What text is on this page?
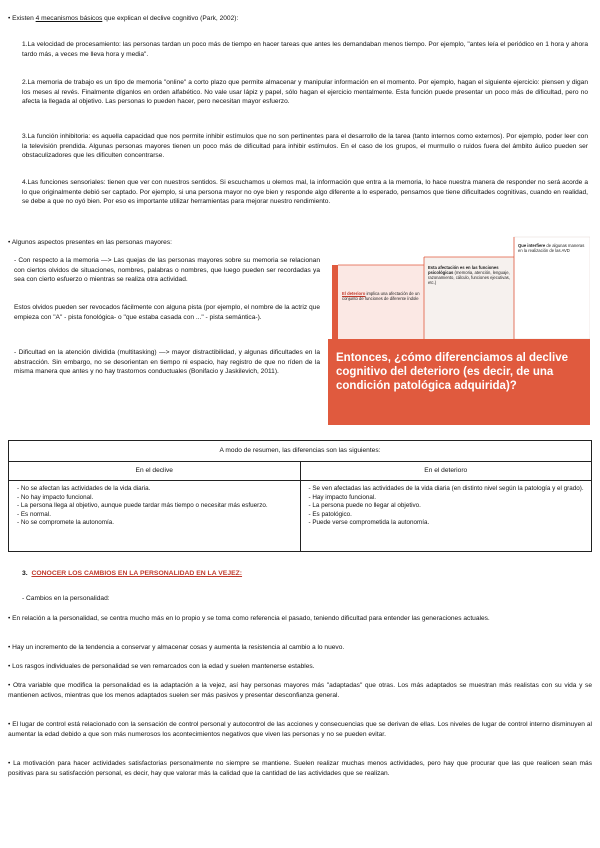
• Existen 4 mecanismos básicos que explican el declive cognitivo (Park, 2002):
1.La velocidad de procesamiento: las personas tardan un poco más de tiempo en hacer tareas que antes les demandaban menos tiempo. Por ejemplo, "antes leía el periódico en 1 hora y ahora tardo más, a veces me lleva hora y media".
2.La memoria de trabajo es un tipo de memoria "online" a corto plazo que permite almacenar y manipular información en el momento. Por ejemplo, hagan el siguiente ejercicio: piensen y digan los meses al revés. Finalmente díganlos en orden alfabético. No vale usar lápiz y papel, sólo hagan el ejercicio mentalmente. Esta función puede presentar un poco más de dificultad, pero no afecta la llegada al objetivo. Las personas lo pueden hacer, pero necesitan mayor esfuerzo.
3.La función inhibitoria: es aquella capacidad que nos permite inhibir estímulos que no son pertinentes para el desarrollo de la tarea (tanto internos como externos). Por ejemplo, poder leer con la televisión prendida. Algunas personas mayores tienen un poco más de dificultad para inhibir estímulos. En el caso de los grupos, el murmullo o ruidos fuera del ámbito áulico pueden ser obstaculizadores que les dificulten concentrarse.
4.Las funciones sensoriales: tienen que ver con nuestros sentidos. Si escuchamos u olemos mal, la información que entra a la memoria, lo hace nuestra manera de responder no será acorde a lo que originalmente debió ser captado. Por ejemplo, si una persona mayor no oye bien y responde algo diferente a lo esperado, pensamos que tiene dificultades cognitivas, cuando en realidad, se debe a que no oyó bien. Por eso es importante utilizar herramientas para mejorar nuestro rendimiento.
• Algunos aspectos presentes en las personas mayores:
- Con respecto a la memoria —> Las quejas de las personas mayores sobre su memoria se relacionan con ciertos olvidos de situaciones, nombres, palabras o nombres, que luego pueden ser recordadas ya sea con cierto esfuerzo o mientras se realiza otra actividad.
Estos olvidos pueden ser revocados fácilmente con alguna pista (por ejemplo, el nombre de la actriz que empieza con "A" - pista fonológica- o "que estaba casada con ..." - pista semántica-).
- Dificultad en la atención dividida (multitasking) —> mayor distractibilidad, y algunas dificultades en la abstracción. Sin embargo, no se desorientan en tiempo ni espacio, hay registro de que no ríden de la misma manera que antes y no hay trastornos conductuales (Bonifacio y Jaskilevich, 2011).
El deterioro implica una afectación de un conjunto de funciones de diferente índole
Esta afectación es en las funciones psicológicas (memoria, atención, lenguaje, razonamiento, cálculo, funciones ejecutivas, etc.)
Que interfiere de algunas maneras en la realización de las AVD
Entonces, ¿cómo diferenciamos al declive cognitivo del deterioro (es decir, de una condición patológica adquirida)?
A modo de resumen, las diferencias son las siguientes:
En el declive	En el deterioro
- No se afectan las actividades de la vida diaria.
- No hay impacto funcional.
- La persona llega al objetivo, aunque puede tardar más tiempo o necesitar más esfuerzo.
- Es normal.
- No se compromete la autonomía.
- Se ven afectadas las actividades de la vida diaria (en distinto nivel según la patología y el grado).
- Hay impacto funcional.
- La persona puede no llegar al objetivo.
- Es patológico.
- Puede verse comprometida la autonomía.
3. CONOCER LOS CAMBIOS EN LA PERSONALIDAD EN LA VEJEZ:
- Cambios en la personalidad:
• En relación a la personalidad, se centra mucho más en lo propio y se toma como referencia el pasado, teniendo dificultad para entender las generaciones actuales.
• Hay un incremento de la tendencia a conservar y almacenar cosas y aumenta la resistencia al cambio a lo nuevo.
• Los rasgos individuales de personalidad se ven remarcados con la edad y suelen mantenerse estables.
• Otra variable que modifica la personalidad es la adaptación a la vejez, así hay personas mayores más "adaptadas" que otras. Los más adaptados se muestran más realistas con su vida y se mantienen activos, mientras que los menos adaptados suelen ser más pasivos y presentar desconfianza general.
• El lugar de control está relacionado con la sensación de control personal y autocontrol de las acciones y consecuencias que se derivan de ellas. Los niveles de lugar de control interno disminuyen al aumentar la edad debido a que son más numerosos los acontecimientos negativos que viven las personas y no se pueden evitar.
• La motivación para hacer actividades satisfactorias personalmente no siempre se mantiene. Suelen realizar muchas menos actividades, pero hay que procurar que las que realicen sean más positivas para su satisfacción personal, es decir, hay que valorar más la calidad que la cantidad de las actividades que se realizan.
